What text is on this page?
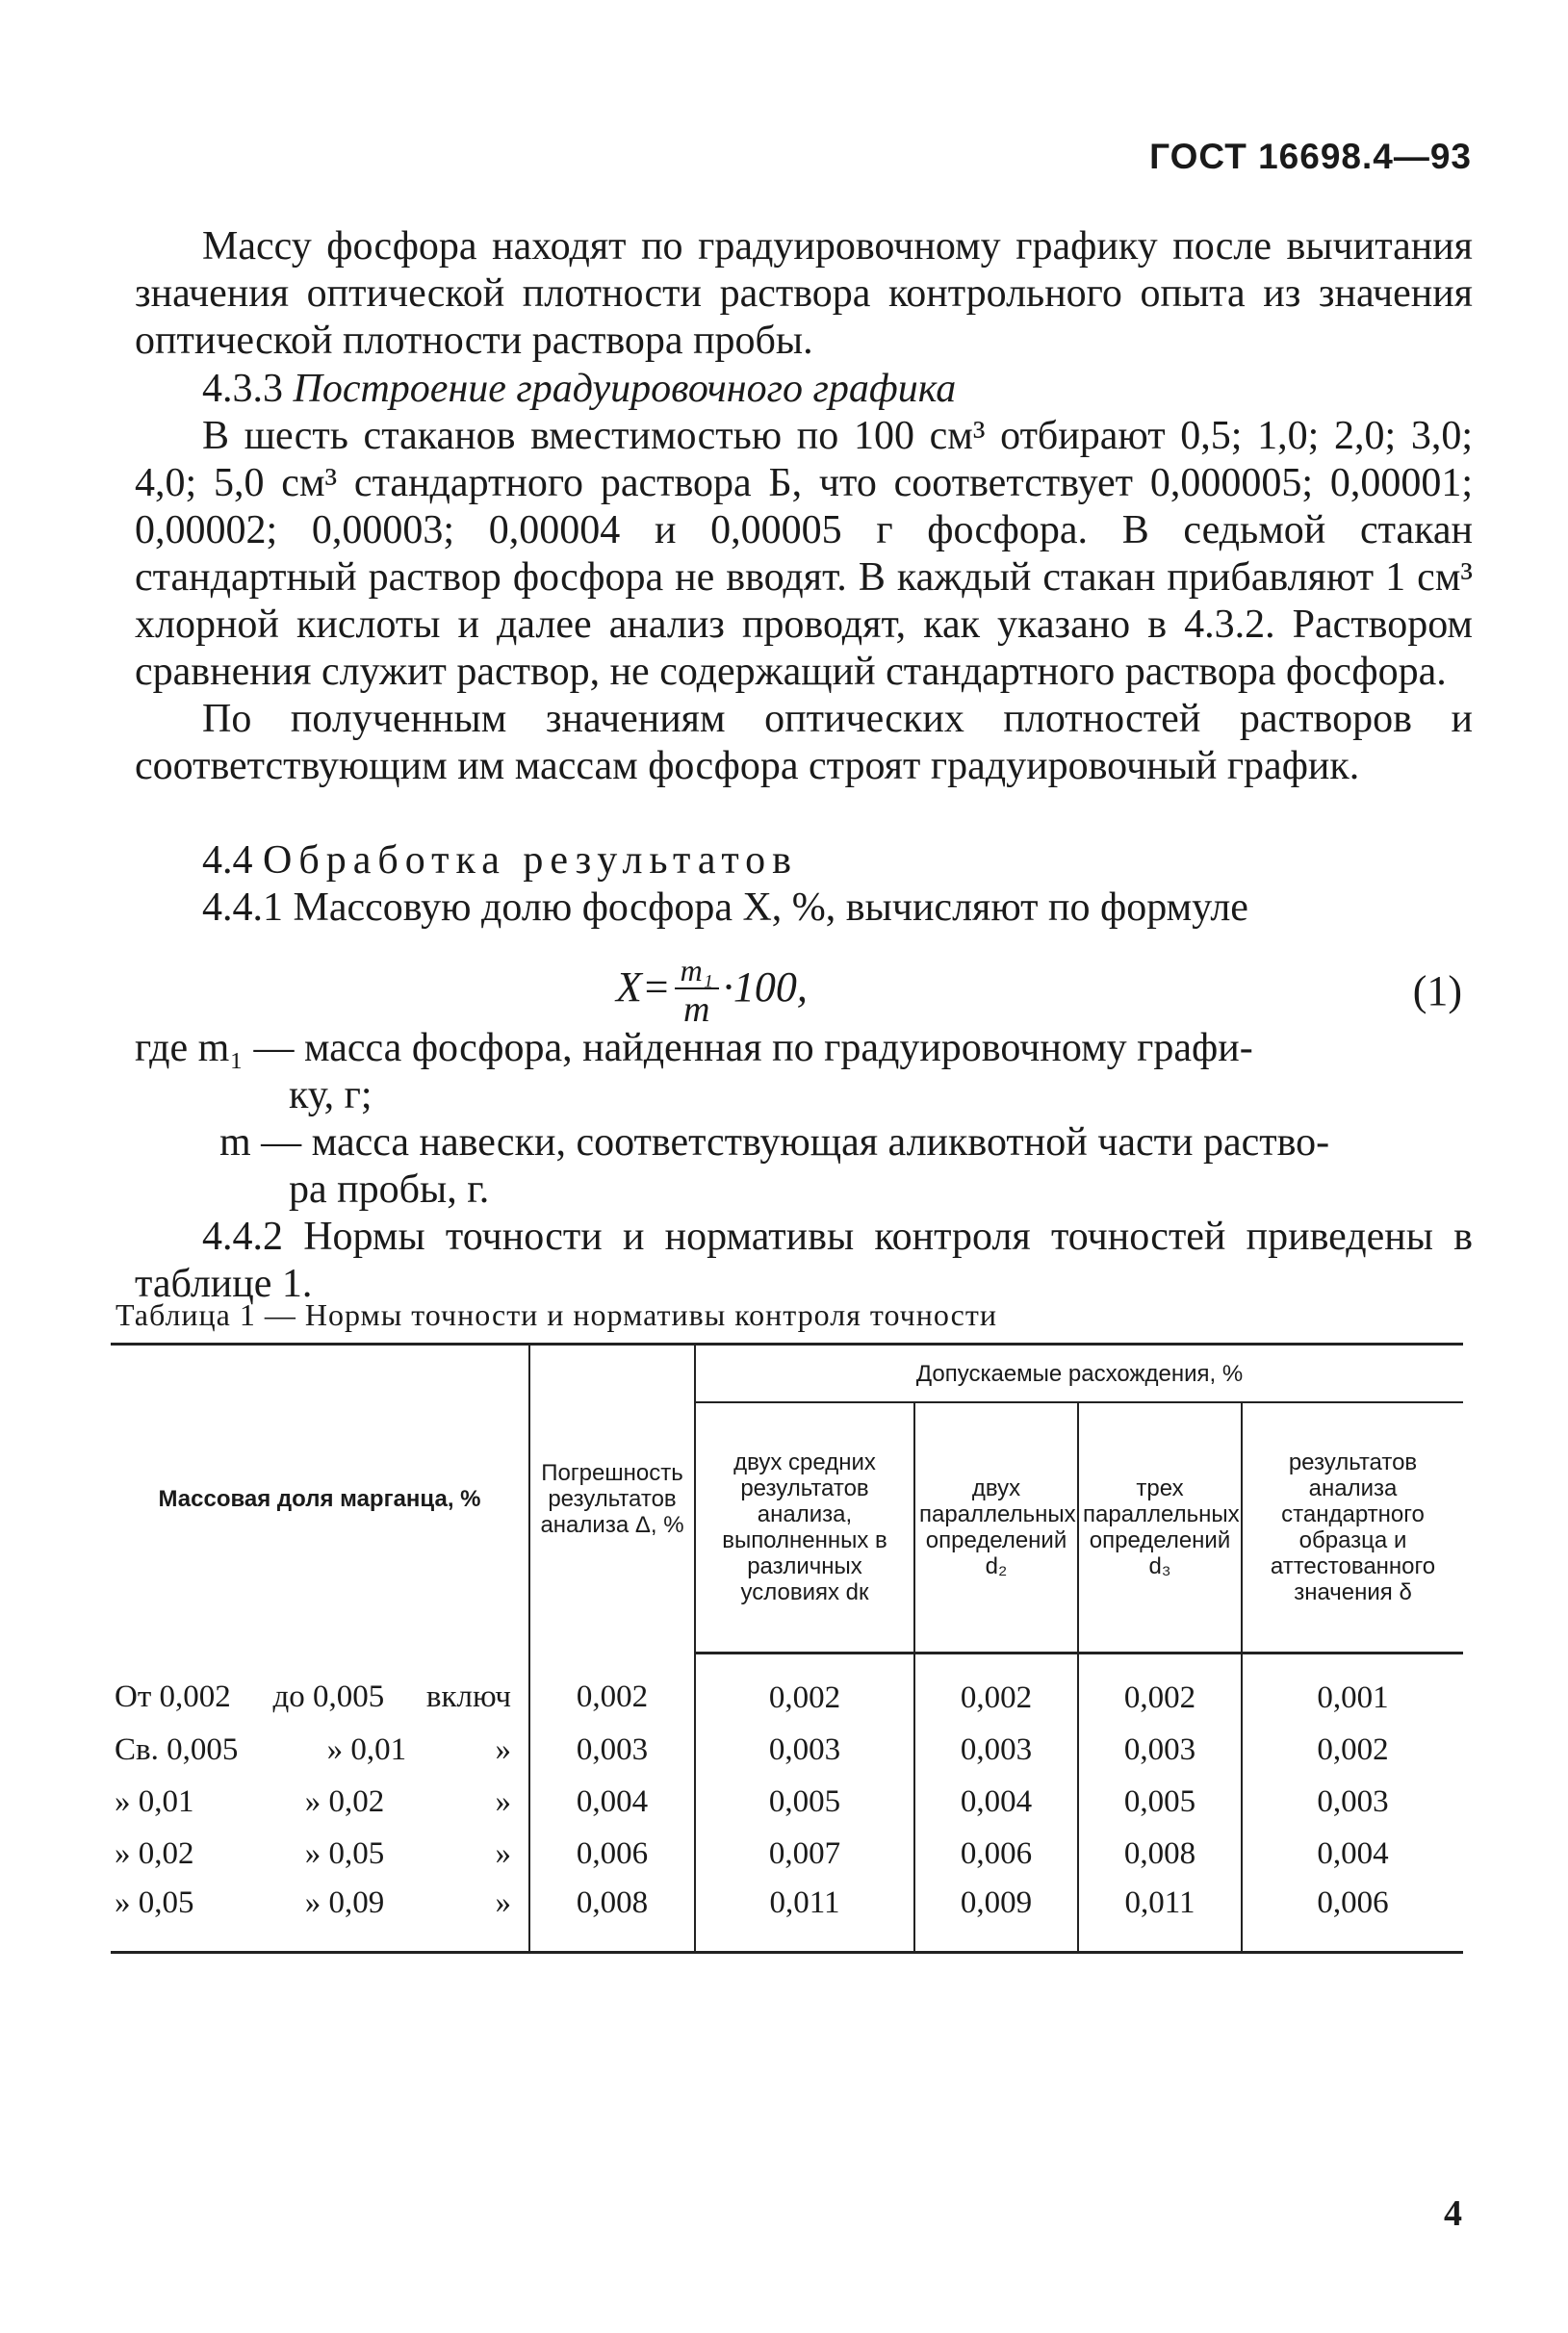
ГОСТ 16698.4—93

Массу фосфора находят по градуировочному графику после вычитания значения оптической плотности раствора контрольного опыта из значения оптической плотности раствора пробы.

4.3.3 Построение градуировочного графика

В шесть стаканов вместимостью по 100 см³ отбирают 0,5; 1,0; 2,0; 3,0; 4,0; 5,0 см³ стандартного раствора Б, что соответствует 0,000005; 0,00001; 0,00002; 0,00003; 0,00004 и 0,00005 г фосфора. В седьмой стакан стандартный раствор фосфора не вводят. В каждый стакан прибавляют 1 см³ хлорной кислоты и далее анализ проводят, как указано в 4.3.2. Раствором сравнения служит раствор, не содержащий стандартного раствора фосфора.

По полученным значениям оптических плотностей растворов и соответствующим им массам фосфора строят градуировочный график.

4.4 Обработка результатов

4.4.1 Массовую долю фосфора X, %, вычисляют по формуле

$X= \frac{\text{m₁}}{m} \cdot 100$,	(1)
где m₁ — масса фосфора, найденная по градуировочному графи-
ку, г;
m — масса навески, соответствующая аликвотной части раство-
ра пробы, г.

4.4.2 Нормы точности и нормативы контроля точностей приведены в таблице 1.

Таблица 1 — Нормы точности и нормативы контроля точности
Массовая доля марганца, %	Погрешность результатов анализа Δ, %	Допускаемые расхождения, %			
		двух средних результатов анализа, выполненных в различных условиях dк	двух параллельных определений d₂	трех параллельных определений d₃	результатов анализа стандартного образца и аттестованного значения δ

От 0,002 до 0,005 включ	0,002	0,002	0,002	0,002	0,001

Св. 0,005 » 0,01 »	0,003	0,003	0,003	0,003	0,002

» 0,01 » 0,02 »	0,004	0,005	0,004	0,005	0,003

» 0,02 » 0,05 »	0,006	0,007	0,006	0,008	0,004

» 0,05 » 0,09 »	0,008	0,011	0,009	0,011	0,006
4
